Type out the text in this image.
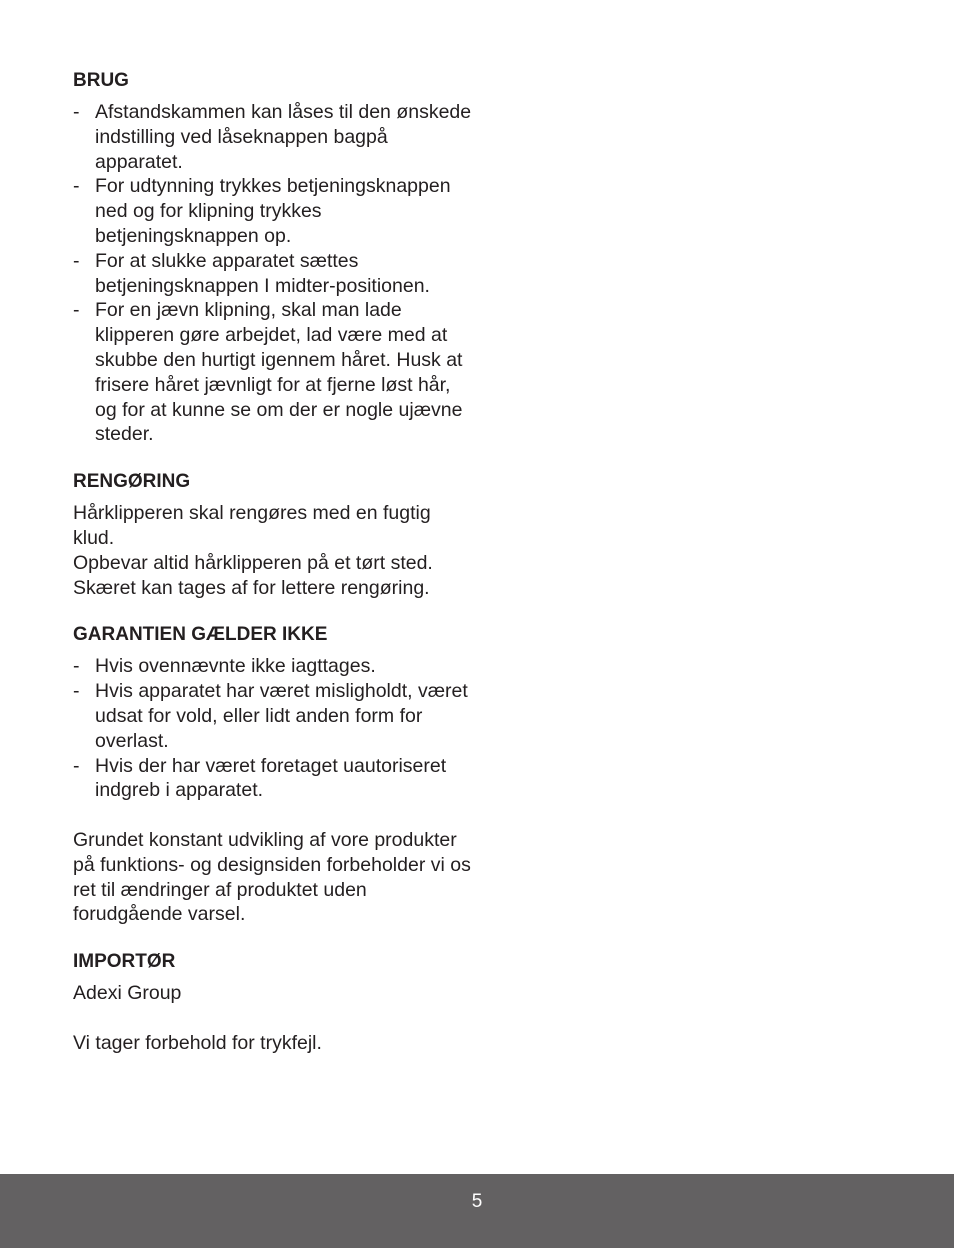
BRUG
- Afstandskammen kan låses til den ønskede indstilling ved låseknappen bagpå apparatet.
- For udtynning trykkes betjeningsknappen ned og for klipning trykkes betjeningsknappen op.
- For at slukke apparatet sættes betjeningsknappen I midter-positionen.
- For en jævn klipning, skal man lade klipperen gøre arbejdet, lad være med at skubbe den hurtigt igennem håret. Husk at frisere håret jævnligt for at fjerne løst hår, og for at kunne se om der er nogle ujævne steder.
RENGØRING

Hårklipperen skal rengøres med en fugtig klud.

Opbevar altid hårklipperen på et tørt sted.

Skæret kan tages af for lettere rengøring.

GARANTIEN GÆLDER IKKE
- Hvis ovennævnte ikke iagttages.
- Hvis apparatet har været misligholdt, været udsat for vold, eller lidt anden form for overlast.
- Hvis der har været foretaget uautoriseret indgreb i apparatet.

Grundet konstant udvikling af vore produkter på funktions- og designsiden forbeholder vi os ret til ændringer af produktet uden forudgående varsel.

IMPORTØR

Adexi Group

Vi tager forbehold for trykfejl.

5
